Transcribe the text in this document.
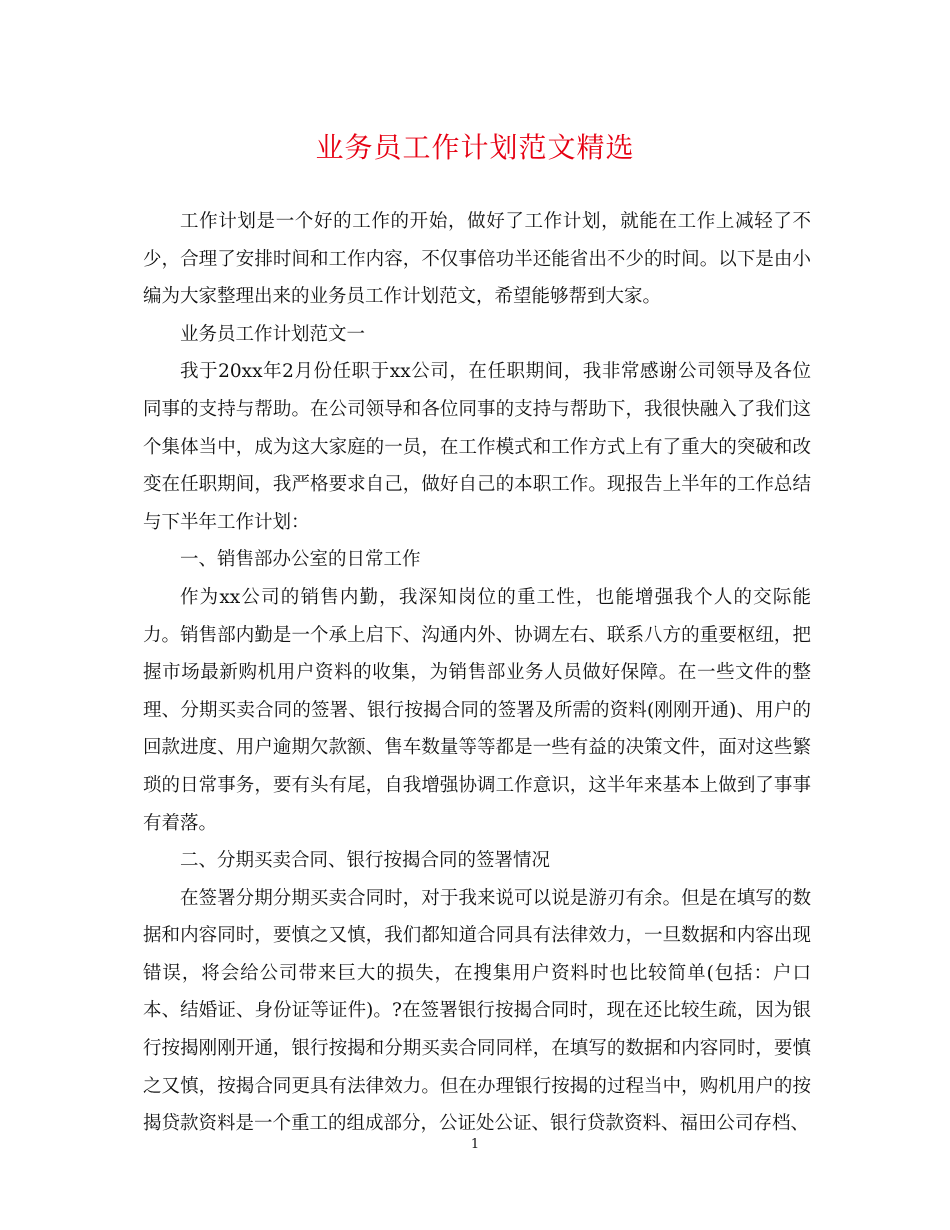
业务员工作计划范文精选

工作计划是一个好的工作的开始，做好了工作计划，就能在工作上减轻了不少，合理了安排时间和工作内容，不仅事倍功半还能省出不少的时间。以下是由小编为大家整理出来的业务员工作计划范文，希望能够帮到大家。

业务员工作计划范文一

我于20xx年2月份任职于xx公司，在任职期间，我非常感谢公司领导及各位同事的支持与帮助。在公司领导和各位同事的支持与帮助下，我很快融入了我们这个集体当中，成为这大家庭的一员，在工作模式和工作方式上有了重大的突破和改变在任职期间，我严格要求自己，做好自己的本职工作。现报告上半年的工作总结与下半年工作计划：

一、销售部办公室的日常工作

作为xx公司的销售内勤，我深知岗位的重工性，也能增强我个人的交际能力。销售部内勤是一个承上启下、沟通内外、协调左右、联系八方的重要枢纽，把握市场最新购机用户资料的收集，为销售部业务人员做好保障。在一些文件的整理、分期买卖合同的签署、银行按揭合同的签署及所需的资料(刚刚开通)、用户的回款进度、用户逾期欠款额、售车数量等等都是一些有益的决策文件，面对这些繁琐的日常事务，要有头有尾，自我增强协调工作意识，这半年来基本上做到了事事有着落。

二、分期买卖合同、银行按揭合同的签署情况

在签署分期分期买卖合同时，对于我来说可以说是游刃有余。但是在填写的数据和内容同时，要慎之又慎，我们都知道合同具有法律效力，一旦数据和内容出现错误，将会给公司带来巨大的损失，在搜集用户资料时也比较简单(包括：户口本、结婚证、身份证等证件)。?在签署银行按揭合同时，现在还比较生疏，因为银行按揭刚刚开通，银行按揭和分期买卖合同同样，在填写的数据和内容同时，要慎之又慎，按揭合同更具有法律效力。但在办理银行按揭的过程当中，购机用户的按揭贷款资料是一个重工的组成部分，公证处公证、银行贷款资料、福田公司存档、

1
